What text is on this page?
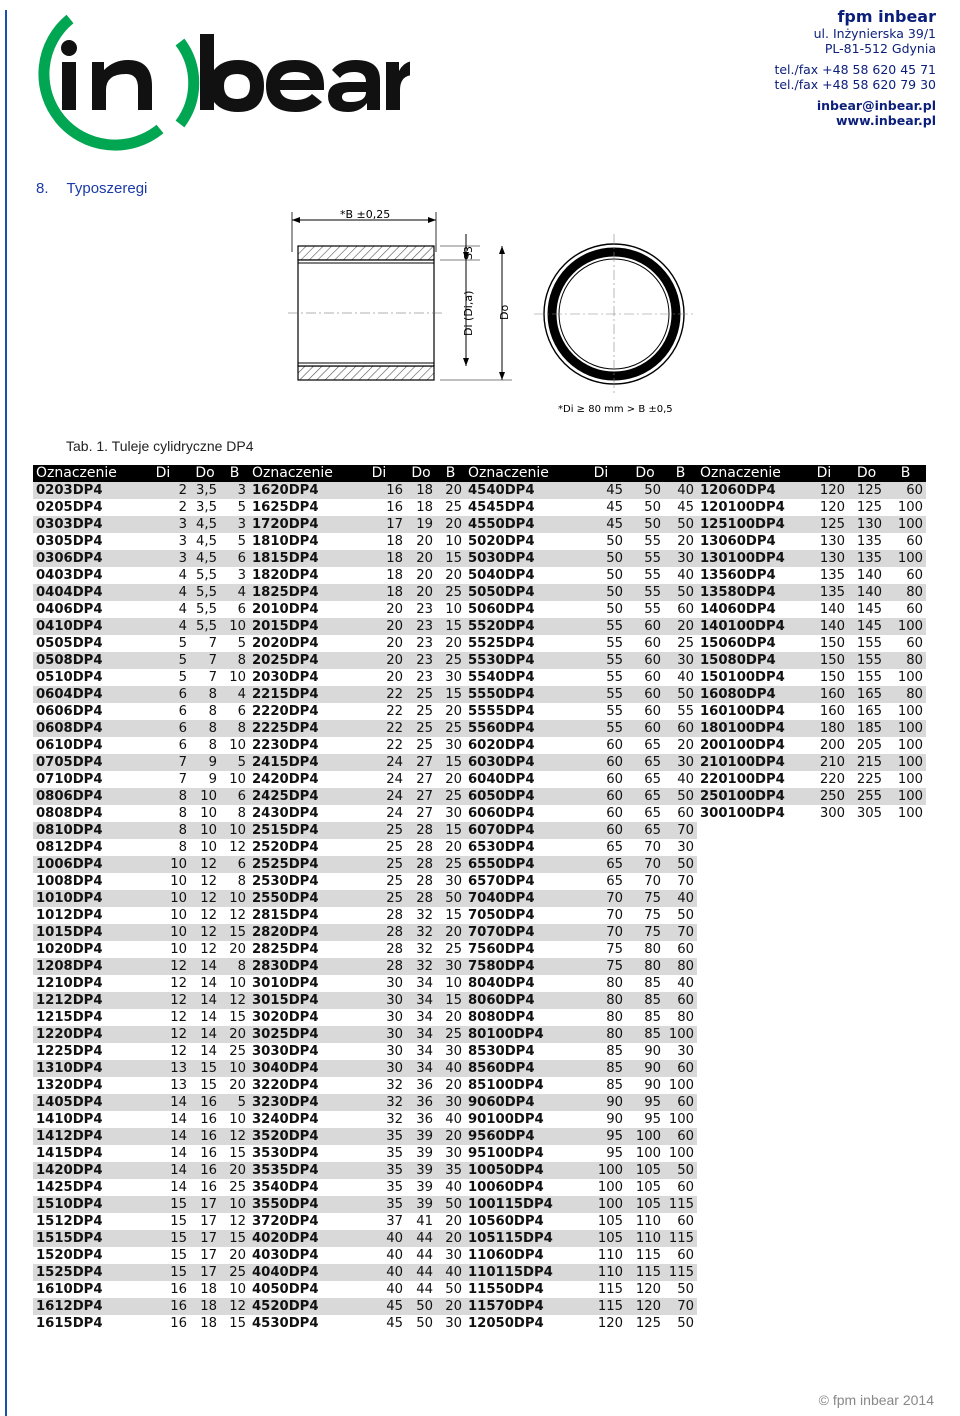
fpm inbear
ul. Inżynierska 39/1
PL-81-512 Gdynia
tel./fax +48 58 620 45 71
tel./fax +48 58 620 79 30
inbear@inbear.pl
www.inbear.pl
8. Typoszeregi
*B ±0,25
S3
Di (Di,a) Do
*Di ≥ 80 mm > B ±0,5
Tab. 1. Tuleje cylidryczne DP4
Oznaczenie	Di	Do	B	Oznaczenie	Di	Do	B	Oznaczenie	Di	Do	B	Oznaczenie	Di	Do	B
0203DP4	2	3,5	3	1620DP4	16	18	20	4540DP4	45	50	40	12060DP4	120	125	60
0205DP4	2	3,5	5	1625DP4	16	18	25	4545DP4	45	50	45	120100DP4	120	125	100
0303DP4	3	4,5	3	1720DP4	17	19	20	4550DP4	45	50	50	125100DP4	125	130	100
0305DP4	3	4,5	5	1810DP4	18	20	10	5020DP4	50	55	20	13060DP4	130	135	60
0306DP4	3	4,5	6	1815DP4	18	20	15	5030DP4	50	55	30	130100DP4	130	135	100
0403DP4	4	5,5	3	1820DP4	18	20	20	5040DP4	50	55	40	13560DP4	135	140	60
0404DP4	4	5,5	4	1825DP4	18	20	25	5050DP4	50	55	50	13580DP4	135	140	80
0406DP4	4	5,5	6	2010DP4	20	23	10	5060DP4	50	55	60	14060DP4	140	145	60
0410DP4	4	5,5	10	2015DP4	20	23	15	5520DP4	55	60	20	140100DP4	140	145	100
0505DP4	5	7	5	2020DP4	20	23	20	5525DP4	55	60	25	15060DP4	150	155	60
0508DP4	5	7	8	2025DP4	20	23	25	5530DP4	55	60	30	15080DP4	150	155	80
0510DP4	5	7	10	2030DP4	20	23	30	5540DP4	55	60	40	150100DP4	150	155	100
0604DP4	6	8	4	2215DP4	22	25	15	5550DP4	55	60	50	16080DP4	160	165	80
0606DP4	6	8	6	2220DP4	22	25	20	5555DP4	55	60	55	160100DP4	160	165	100
0608DP4	6	8	8	2225DP4	22	25	25	5560DP4	55	60	60	180100DP4	180	185	100
0610DP4	6	8	10	2230DP4	22	25	30	6020DP4	60	65	20	200100DP4	200	205	100
0705DP4	7	9	5	2415DP4	24	27	15	6030DP4	60	65	30	210100DP4	210	215	100
0710DP4	7	9	10	2420DP4	24	27	20	6040DP4	60	65	40	220100DP4	220	225	100
0806DP4	8	10	6	2425DP4	24	27	25	6050DP4	60	65	50	250100DP4	250	255	100
0808DP4	8	10	8	2430DP4	24	27	30	6060DP4	60	65	60	300100DP4	300	305	100
0810DP4	8	10	10	2515DP4	25	28	15	6070DP4	60	65	70				
0812DP4	8	10	12	2520DP4	25	28	20	6530DP4	65	70	30				
1006DP4	10	12	6	2525DP4	25	28	25	6550DP4	65	70	50				
1008DP4	10	12	8	2530DP4	25	28	30	6570DP4	65	70	70				
1010DP4	10	12	10	2550DP4	25	28	50	7040DP4	70	75	40				
1012DP4	10	12	12	2815DP4	28	32	15	7050DP4	70	75	50				
1015DP4	10	12	15	2820DP4	28	32	20	7070DP4	70	75	70				
1020DP4	10	12	20	2825DP4	28	32	25	7560DP4	75	80	60				
1208DP4	12	14	8	2830DP4	28	32	30	7580DP4	75	80	80				
1210DP4	12	14	10	3010DP4	30	34	10	8040DP4	80	85	40				
1212DP4	12	14	12	3015DP4	30	34	15	8060DP4	80	85	60				
1215DP4	12	14	15	3020DP4	30	34	20	8080DP4	80	85	80				
1220DP4	12	14	20	3025DP4	30	34	25	80100DP4	80	85	100				
1225DP4	12	14	25	3030DP4	30	34	30	8530DP4	85	90	30				
1310DP4	13	15	10	3040DP4	30	34	40	8560DP4	85	90	60				
1320DP4	13	15	20	3220DP4	32	36	20	85100DP4	85	90	100				
1405DP4	14	16	5	3230DP4	32	36	30	9060DP4	90	95	60				
1410DP4	14	16	10	3240DP4	32	36	40	90100DP4	90	95	100				
1412DP4	14	16	12	3520DP4	35	39	20	9560DP4	95	100	60				
1415DP4	14	16	15	3530DP4	35	39	30	95100DP4	95	100	100				
1420DP4	14	16	20	3535DP4	35	39	35	10050DP4	100	105	50				
1425DP4	14	16	25	3540DP4	35	39	40	10060DP4	100	105	60				
1510DP4	15	17	10	3550DP4	35	39	50	100115DP4	100	105	115				
1512DP4	15	17	12	3720DP4	37	41	20	10560DP4	105	110	60				
1515DP4	15	17	15	4020DP4	40	44	20	105115DP4	105	110	115				
1520DP4	15	17	20	4030DP4	40	44	30	11060DP4	110	115	60				
1525DP4	15	17	25	4040DP4	40	44	40	110115DP4	110	115	115				
1610DP4	16	18	10	4050DP4	40	44	50	11550DP4	115	120	50				
1612DP4	16	18	12	4520DP4	45	50	20	11570DP4	115	120	70				
1615DP4	16	18	15	4530DP4	45	50	30	12050DP4	120	125	50				
© fpm inbear 2014
